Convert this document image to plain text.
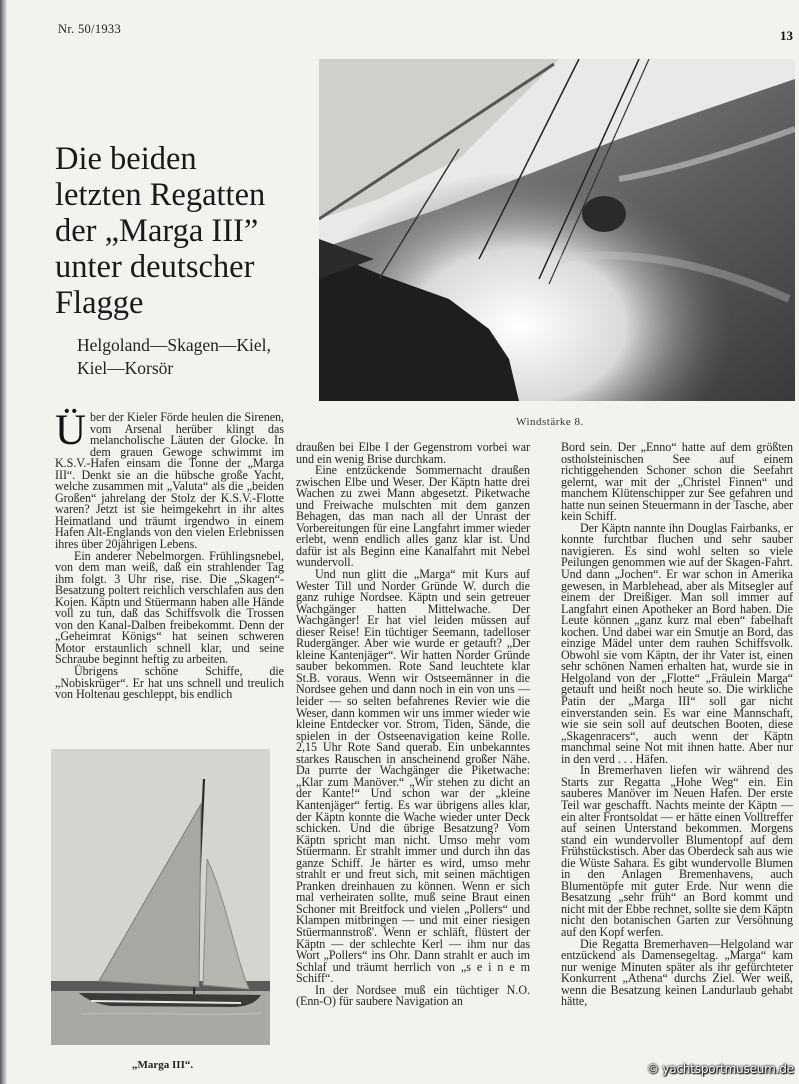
Nr. 50/1933	13
Die beiden
letzten Regatten
der „Marga III”
unter deutscher
Flagge
Helgoland—Skagen—Kiel,
Kiel—Korsör
Windstärke 8.

Über der Kieler Förde heulen die Sirenen, vom Arsenal herüber klingt das melancholische Läuten der Glocke. In dem grauen Gewoge schwimmt im K.S.V.-Hafen einsam die Tonne der „Marga III“. Denkt sie an die hübsche große Yacht, welche zusammen mit „Valuta“ als die „beiden Großen“ jahrelang der Stolz der K.S.V.-Flotte waren? Jetzt ist sie heimgekehrt in ihr altes Heimatland und träumt irgendwo in einem Hafen Alt-Englands von den vielen Erlebnissen ihres über 20jährigen Lebens.

Ein anderer Nebelmorgen. Frühlingsnebel, von dem man weiß, daß ein strahlender Tag ihm folgt. 3 Uhr rise, rise. Die „Skagen“-Besatzung poltert reichlich verschlafen aus den Kojen. Käptn und Stüermann haben alle Hände voll zu tun, daß das Schiffsvolk die Trossen von den Kanal-Dalben freibekommt. Denn der „Geheimrat Königs“ hat seinen schweren Motor erstaunlich schnell klar, und seine Schraube beginnt heftig zu arbeiten.

Übrigens schöne Schiffe, die „Nobiskrüger“. Er hat uns schnell und treulich von Holtenau geschleppt, bis endlich

„Marga III“.

draußen bei Elbe I der Gegenstrom vorbei war und ein wenig Brise durchkam.

Eine entzückende Sommernacht draußen zwischen Elbe und Weser. Der Käptn hatte drei Wachen zu zwei Mann abgesetzt. Piketwache und Freiwache mulschten mit dem ganzen Behagen, das man nach all der Unrast der Vorbereitungen für eine Langfahrt immer wieder erlebt, wenn endlich alles ganz klar ist. Und dafür ist als Beginn eine Kanalfahrt mit Nebel wundervoll.

Und nun glitt die „Marga“ mit Kurs auf Wester Till und Norder Gründe W. durch die ganz ruhige Nordsee. Käptn und sein getreuer Wachgänger hatten Mittelwache. Der Wachgänger! Er hat viel leiden müssen auf dieser Reise! Ein tüchtiger Seemann, tadelloser Rudergänger. Aber wie wurde er getauft? „Der kleine Kantenjäger“. Wir hatten Norder Gründe sauber bekommen. Rote Sand leuchtete klar St.B. voraus. Wenn wir Ostseemänner in die Nordsee gehen und dann noch in ein von uns — leider — so selten befahrenes Revier wie die Weser, dann kommen wir uns immer wieder wie kleine Entdecker vor. Strom, Tiden, Sände, die spielen in der Ostseenavigation keine Rolle. 2,15 Uhr Rote Sand querab. Ein unbekanntes starkes Rauschen in anscheinend großer Nähe. Da purrte der Wachgänger die Piketwache: „Klar zum Manöver.“ „Wir stehen zu dicht an der Kante!“ Und schon war der „kleine Kantenjäger“ fertig. Es war übrigens alles klar, der Käptn konnte die Wache wieder unter Deck schicken. Und die übrige Besatzung? Vom Käptn spricht man nicht. Umso mehr vom Stüermann. Er strahlt immer und durch ihn das ganze Schiff. Je härter es wird, umso mehr strahlt er und freut sich, mit seinen mächtigen Pranken dreinhauen zu können. Wenn er sich mal verheiraten sollte, muß seine Braut einen Schoner mit Breitfock und vielen „Pollers“ und Klampen mitbringen — und mit einer riesigen Stüermannstroß'. Wenn er schläft, flüstert der Käptn — der schlechte Kerl — ihm nur das Wort „Pollers“ ins Ohr. Dann strahlt er auch im Schlaf und träumt herrlich von „s e i n e m Schiff“.

In der Nordsee muß ein tüchtiger N.O. (Enn-O) für saubere Navigation an

Bord sein. Der „Enno“ hatte auf dem größten ostholsteinischen See auf einem richtiggehenden Schoner schon die Seefahrt gelernt, war mit der „Christel Finnen“ und manchem Klütenschipper zur See gefahren und hatte nun seinen Steuermann in der Tasche, aber kein Schiff.

Der Käptn nannte ihn Douglas Fairbanks, er konnte furchtbar fluchen und sehr sauber navigieren. Es sind wohl selten so viele Peilungen genommen wie auf der Skagen-Fahrt. Und dann „Jochen“. Er war schon in Amerika gewesen, in Marblehead, aber als Mitsegler auf einem der Dreißiger. Man soll immer auf Langfahrt einen Apotheker an Bord haben. Die Leute können „ganz kurz mal eben“ fabelhaft kochen. Und dabei war ein Smutje an Bord, das einzige Mädel unter dem rauhen Schiffsvolk. Obwohl sie vom Käptn, der ihr Vater ist, einen sehr schönen Namen erhalten hat, wurde sie in Helgoland von der „Flotte“ „Fräulein Marga“ getauft und heißt noch heute so. Die wirkliche Patin der „Marga III“ soll gar nicht einverstanden sein. Es war eine Mannschaft, wie sie sein soll auf deutschen Booten, diese „Skagenracers“, auch wenn der Käptn manchmal seine Not mit ihnen hatte. Aber nur in den verd . . . Häfen.

In Bremerhaven liefen wir während des Starts zur Regatta „Hohe Weg“ ein. Ein sauberes Manöver im Neuen Hafen. Der erste Teil war geschafft. Nachts meinte der Käptn — ein alter Frontsoldat — er hätte einen Volltreffer auf seinen Unterstand bekommen. Morgens stand ein wundervoller Blumentopf auf dem Frühstückstisch. Aber das Oberdeck sah aus wie die Wüste Sahara. Es gibt wundervolle Blumen in den Anlagen Bremenhavens, auch Blumentöpfe mit guter Erde. Nur wenn die Besatzung „sehr früh“ an Bord kommt und nicht mit der Ebbe rechnet, sollte sie dem Käptn nicht den botanischen Garten zur Versöhnung auf den Kopf werfen.

Die Regatta Bremerhaven—Helgoland war entzückend als Damensegeltag. „Marga“ kam nur wenige Minuten später als ihr gefürchteter Konkurrent „Athena“ durchs Ziel. Wer weiß, wenn die Besatzung keinen Landurlaub gehabt hätte,

© yachtsportmuseum.de
